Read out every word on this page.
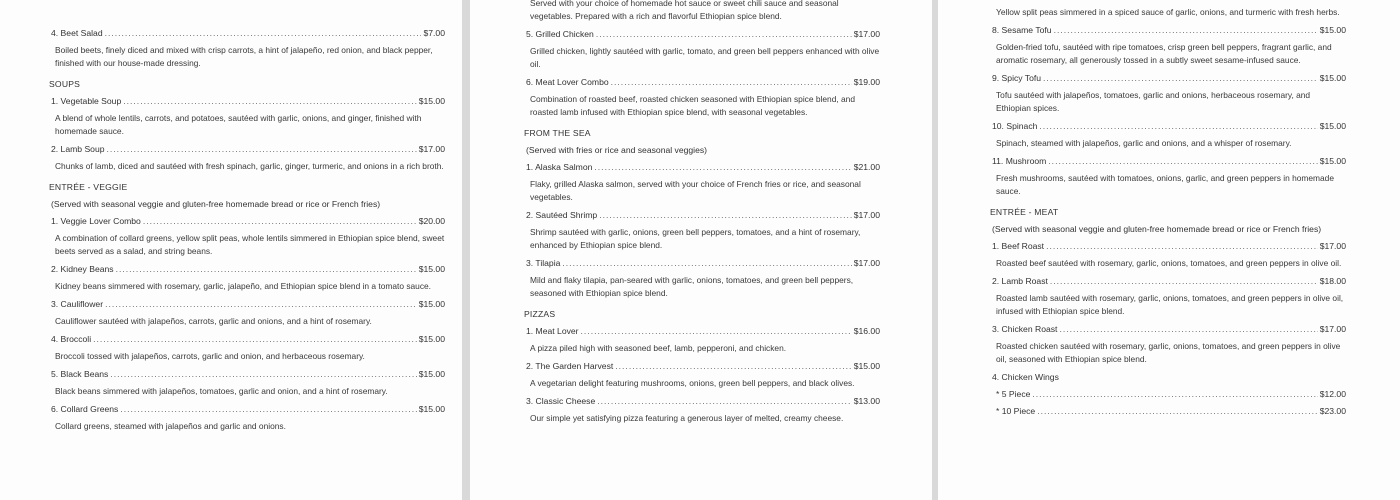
4. Beet Salad .....	$7.00
Boiled beets, finely diced and mixed with crisp carrots, a hint of jalapeño, red onion, and black pepper, finished with our house-made dressing.
SOUPS
1. Vegetable Soup .....	$15.00
A blend of whole lentils, carrots, and potatoes, sautéed with garlic, onions, and ginger, finished with homemade sauce.
2. Lamb Soup .....	$17.00
Chunks of lamb, diced and sautéed with fresh spinach, garlic, ginger, turmeric, and onions in a rich broth.
ENTRÉE - VEGGIE
(Served with seasonal veggie and gluten-free homemade bread or rice or French fries)
1. Veggie Lover Combo .....	$20.00
A combination of collard greens, yellow split peas, whole lentils simmered in Ethiopian spice blend, sweet beets served as a salad, and string beans.
2. Kidney Beans .....	$15.00
Kidney beans simmered with rosemary, garlic, jalapeño, and Ethiopian spice blend in a tomato sauce.
3. Cauliflower .....	$15.00
Cauliflower sautéed with jalapeños, carrots, garlic and onions, and a hint of rosemary.
4. Broccoli .....	$15.00
Broccoli tossed with jalapeños, carrots, garlic and onion, and herbaceous rosemary.
5. Black Beans .....	$15.00
Black beans simmered with jalapeños, tomatoes, garlic and onion, and a hint of rosemary.
6. Collard Greens .....	$15.00
Collard greens, steamed with jalapeños and garlic and onions.
Served with your choice of homemade hot sauce or sweet chili sauce and seasonal vegetables. Prepared with a rich and flavorful Ethiopian spice blend.
5. Grilled Chicken .....	$17.00
Grilled chicken, lightly sautéed with garlic, tomato, and green bell peppers enhanced with olive oil.
6. Meat Lover Combo .....	$19.00
Combination of roasted beef, roasted chicken seasoned with Ethiopian spice blend, and roasted lamb infused with Ethiopian spice blend, with seasonal vegetables.
FROM THE SEA
(Served with fries or rice and seasonal veggies)
1. Alaska Salmon .....	$21.00
Flaky, grilled Alaska salmon, served with your choice of French fries or rice, and seasonal vegetables.
2. Sautéed Shrimp .....	$17.00
Shrimp sautéed with garlic, onions, green bell peppers, tomatoes, and a hint of rosemary, enhanced by Ethiopian spice blend.
3. Tilapia .....	$17.00
Mild and flaky tilapia, pan-seared with garlic, onions, tomatoes, and green bell peppers, seasoned with Ethiopian spice blend.
PIZZAS
1. Meat Lover .....	$16.00
A pizza piled high with seasoned beef, lamb, pepperoni, and chicken.
2. The Garden Harvest .....	$15.00
A vegetarian delight featuring mushrooms, onions, green bell peppers, and black olives.
3. Classic Cheese .....	$13.00
Our simple yet satisfying pizza featuring a generous layer of melted, creamy cheese.
Yellow split peas simmered in a spiced sauce of garlic, onions, and turmeric with fresh herbs.
8. Sesame Tofu .....	$15.00
Golden-fried tofu, sautéed with ripe tomatoes, crisp green bell peppers, fragrant garlic, and aromatic rosemary, all generously tossed in a subtly sweet sesame-infused sauce.
9. Spicy Tofu .....	$15.00
Tofu sautéed with jalapeños, tomatoes, garlic and onions, herbaceous rosemary, and Ethiopian spices.
10. Spinach .....	$15.00
Spinach, steamed with jalapeños, garlic and onions, and a whisper of rosemary.
11. Mushroom .....	$15.00
Fresh mushrooms, sautéed with tomatoes, onions, garlic, and green peppers in homemade sauce.
ENTRÉE - MEAT
(Served with seasonal veggie and gluten-free homemade bread or rice or French fries)
1. Beef Roast .....	$17.00
Roasted beef sautéed with rosemary, garlic, onions, tomatoes, and green peppers in olive oil.
2. Lamb Roast .....	$18.00
Roasted lamb sautéed with rosemary, garlic, onions, tomatoes, and green peppers in olive oil, infused with Ethiopian spice blend.
3. Chicken Roast .....	$17.00
Roasted chicken sautéed with rosemary, garlic, onions, tomatoes, and green peppers in olive oil, seasoned with Ethiopian spice blend.
4. Chicken Wings
* 5 Piece .....	$12.00
* 10 Piece .....	$23.00
